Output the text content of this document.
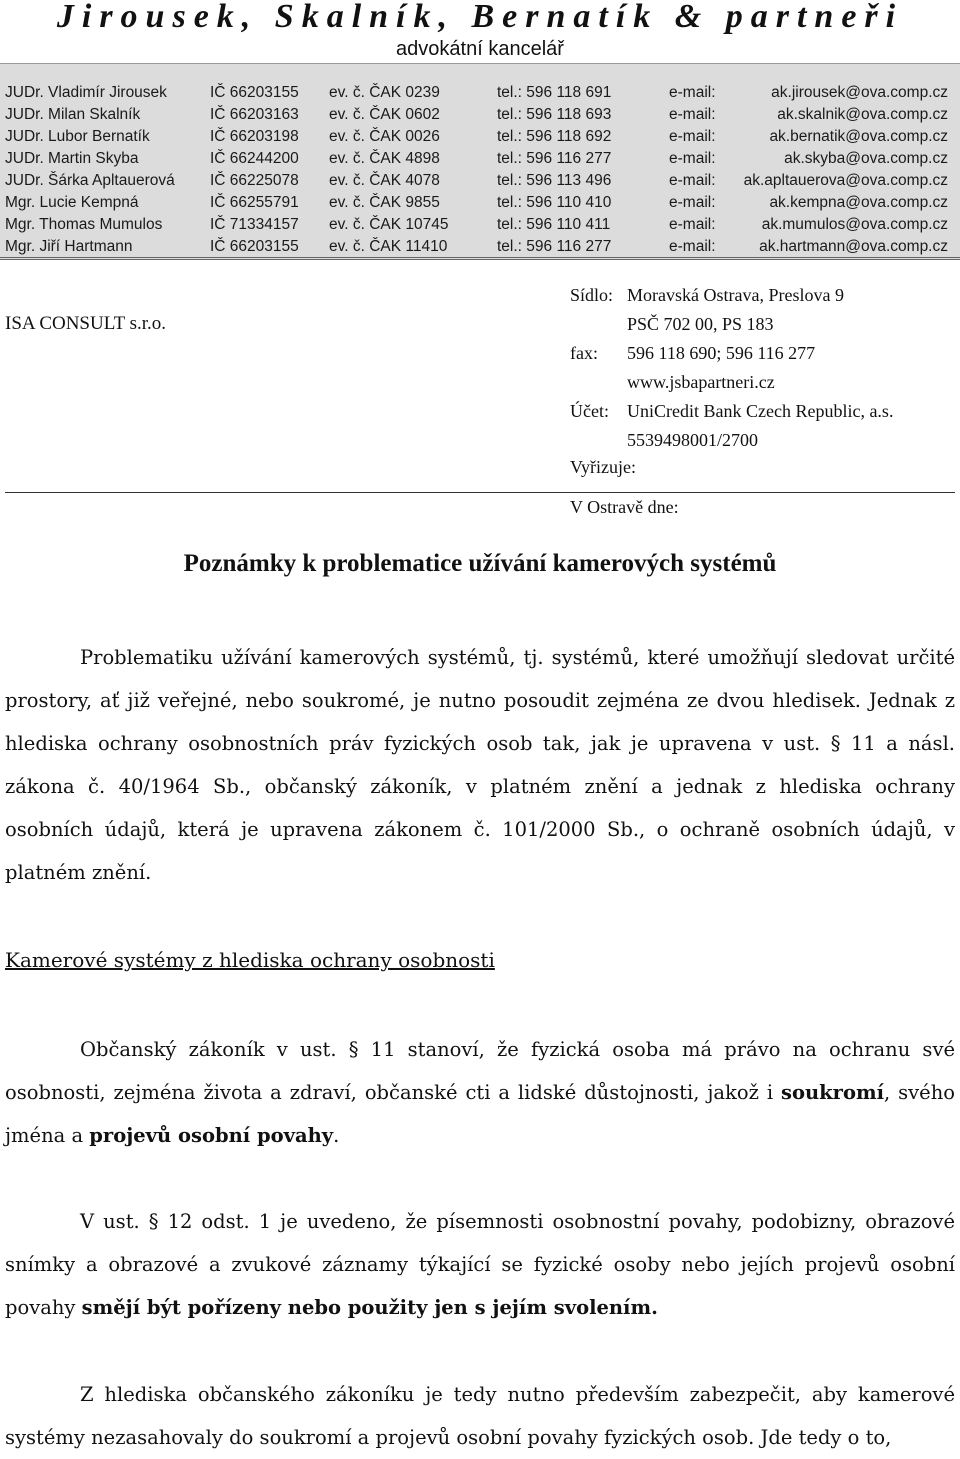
Jirousek, Skalník, Bernatík & partneři
advokátní kancelář
JUDr. Vladimír Jirousek	IČ 66203155 ev. č. ČAK 0239	tel.: 596 118 691	e-mail:	ak.jirousek@ova.comp.cz
JUDr. Milan Skalník	IČ 66203163 ev. č. ČAK 0602	tel.: 596 118 693	e-mail:	ak.skalnik@ova.comp.cz
JUDr. Lubor Bernatík	IČ 66203198 ev. č. ČAK 0026	tel.: 596 118 692	e-mail:	ak.bernatik@ova.comp.cz
JUDr. Martin Skyba	IČ 66244200 ev. č. ČAK 4898	tel.: 596 116 277	e-mail:	ak.skyba@ova.comp.cz
JUDr. Šárka Apltauerová IČ 66225078 ev. č. ČAK 4078	tel.: 596 113 496	e-mail: ak.apltauerova@ova.comp.cz
Mgr. Lucie Kempná	IČ 66255791 ev. č. ČAK 9855	tel.: 596 110 410	e-mail:	ak.kempna@ova.comp.cz
Mgr. Thomas Mumulos	IČ 71334157 ev. č. ČAK 10745	tel.: 596 110 411	e-mail:	ak.mumulos@ova.comp.cz
Mgr. Jiří Hartmann	IČ 66203155 ev. č. ČAK 11410	tel.: 596 116 277	e-mail:	ak.hartmann@ova.comp.cz
ISA CONSULT s.r.o.
Sídlo: Moravská Ostrava, Preslova 9
PSČ 702 00, PS 183
fax: 596 118 690; 596 116 277
www.jsbapartneri.cz
Účet: UniCredit Bank Czech Republic, a.s.
5539498001/2700
Vyřizuje:
V Ostravě dne:
Poznámky k problematice užívání kamerových systémů

Problematiku užívání kamerových systémů, tj. systémů, které umožňují sledovat určité prostory, ať již veřejné, nebo soukromé, je nutno posoudit zejména ze dvou hledisek. Jednak z hlediska ochrany osobnostních práv fyzických osob tak, jak je upravena v ust. § 11 a násl. zákona č. 40/1964 Sb., občanský zákoník, v platném znění a jednak z hlediska ochrany osobních údajů, která je upravena zákonem č. 101/2000 Sb., o ochraně osobních údajů, v platném znění.

Kamerové systémy z hlediska ochrany osobnosti

Občanský zákoník v ust. § 11 stanoví, že fyzická osoba má právo na ochranu své osobnosti, zejména života a zdraví, občanské cti a lidské důstojnosti, jakož i soukromí, svého jména a projevů osobní povahy.

V ust. § 12 odst. 1 je uvedeno, že písemnosti osobnostní povahy, podobizny, obrazové snímky a obrazové a zvukové záznamy týkající se fyzické osoby nebo jejích projevů osobní povahy smějí být pořízeny nebo použity jen s jejím svolením.

Z hlediska občanského zákoníku je tedy nutno především zabezpečit, aby kamerové systémy nezasahovaly do soukromí a projevů osobní povahy fyzických osob. Jde tedy o to,
